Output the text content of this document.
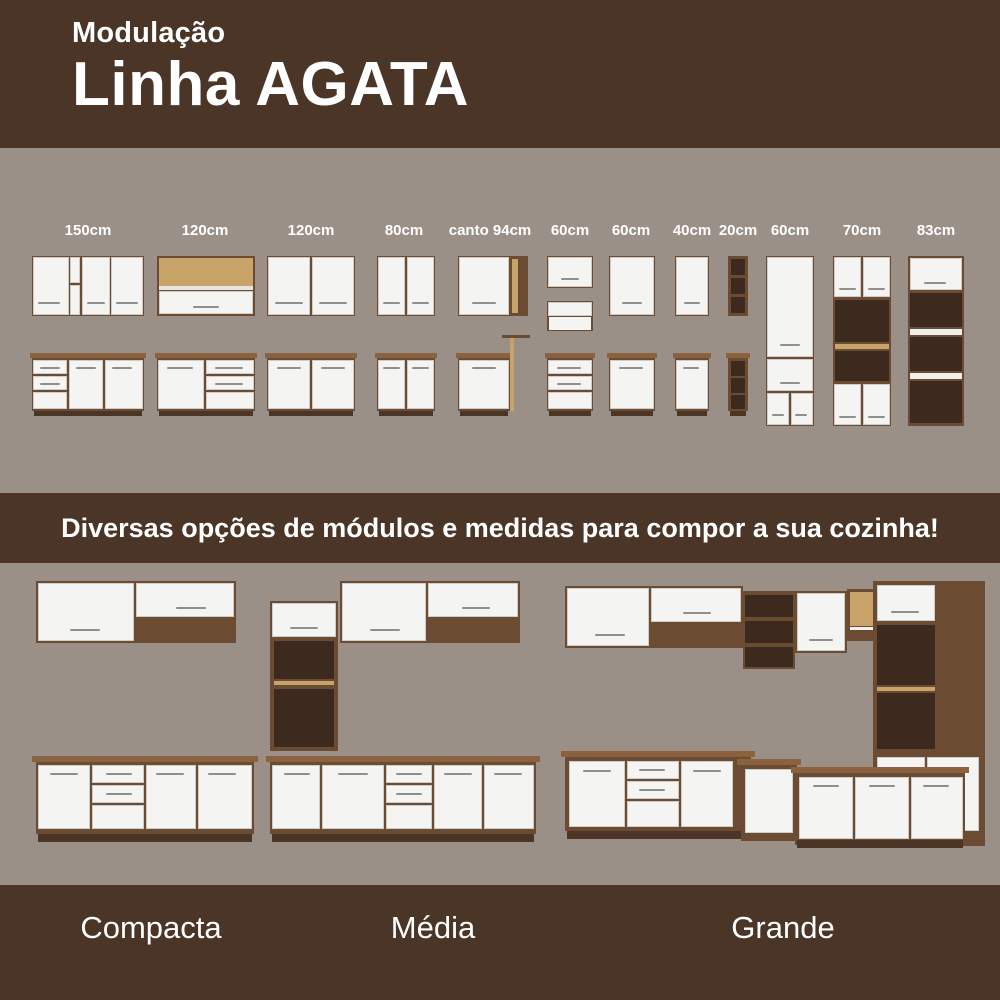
Modulação
Linha AGATA
150cm	120cm	120cm	80cm canto 94cm 60cm 60cm 40cm 20cm 60cm 70cm 83cm
Diversas opções de módulos e medidas para compor a sua cozinha!
Compacta	Média	Grande
